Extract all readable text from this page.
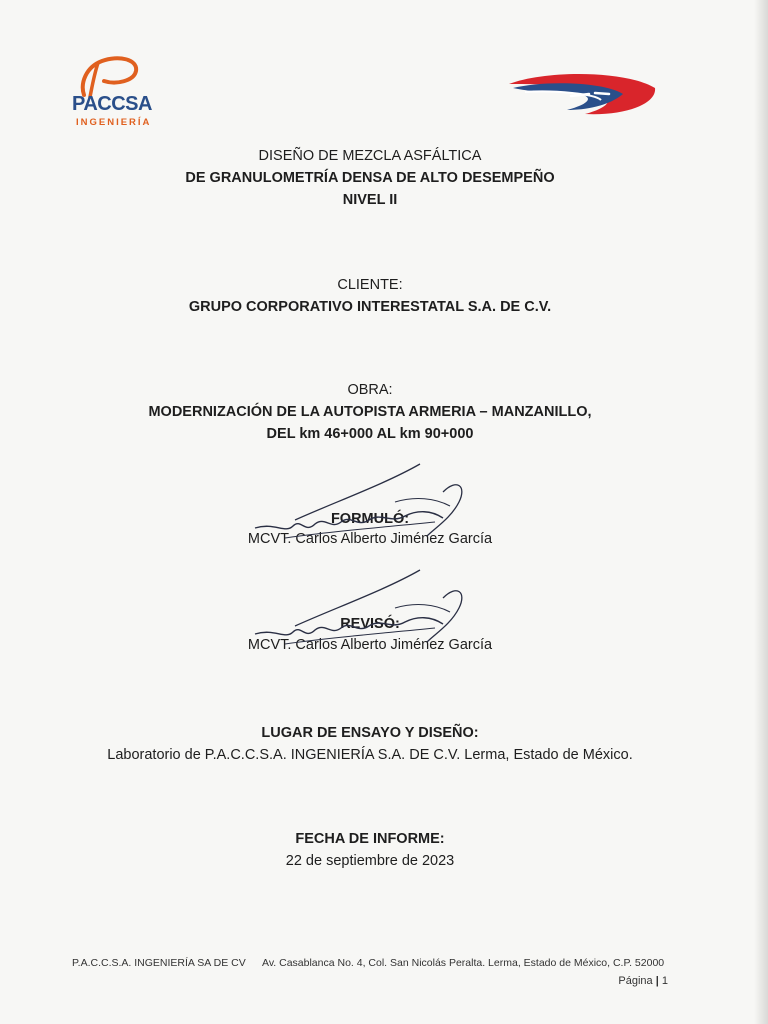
PACCSA
INGENIERÍA
DISEÑO DE MEZCLA ASFÁLTICA
DE GRANULOMETRÍA DENSA DE ALTO DESEMPEÑO
NIVEL II
CLIENTE:
GRUPO CORPORATIVO INTERESTATAL S.A. DE C.V.
OBRA:
MODERNIZACIÓN DE LA AUTOPISTA ARMERIA – MANZANILLO,
DEL km 46+000 AL km 90+000
FORMULÓ:
MCVT. Carlos Alberto Jiménez García
REVISÓ:
MCVT. Carlos Alberto Jiménez García
LUGAR DE ENSAYO Y DISEÑO:
Laboratorio de P.A.C.C.S.A. INGENIERÍA S.A. DE C.V. Lerma, Estado de México.
FECHA DE INFORME:
22 de septiembre de 2023
P.A.C.C.S.A. INGENIERÍA SA DE CV Av. Casablanca No. 4, Col. San Nicolás Peralta. Lerma, Estado de México, C.P. 52000
Página | 1
